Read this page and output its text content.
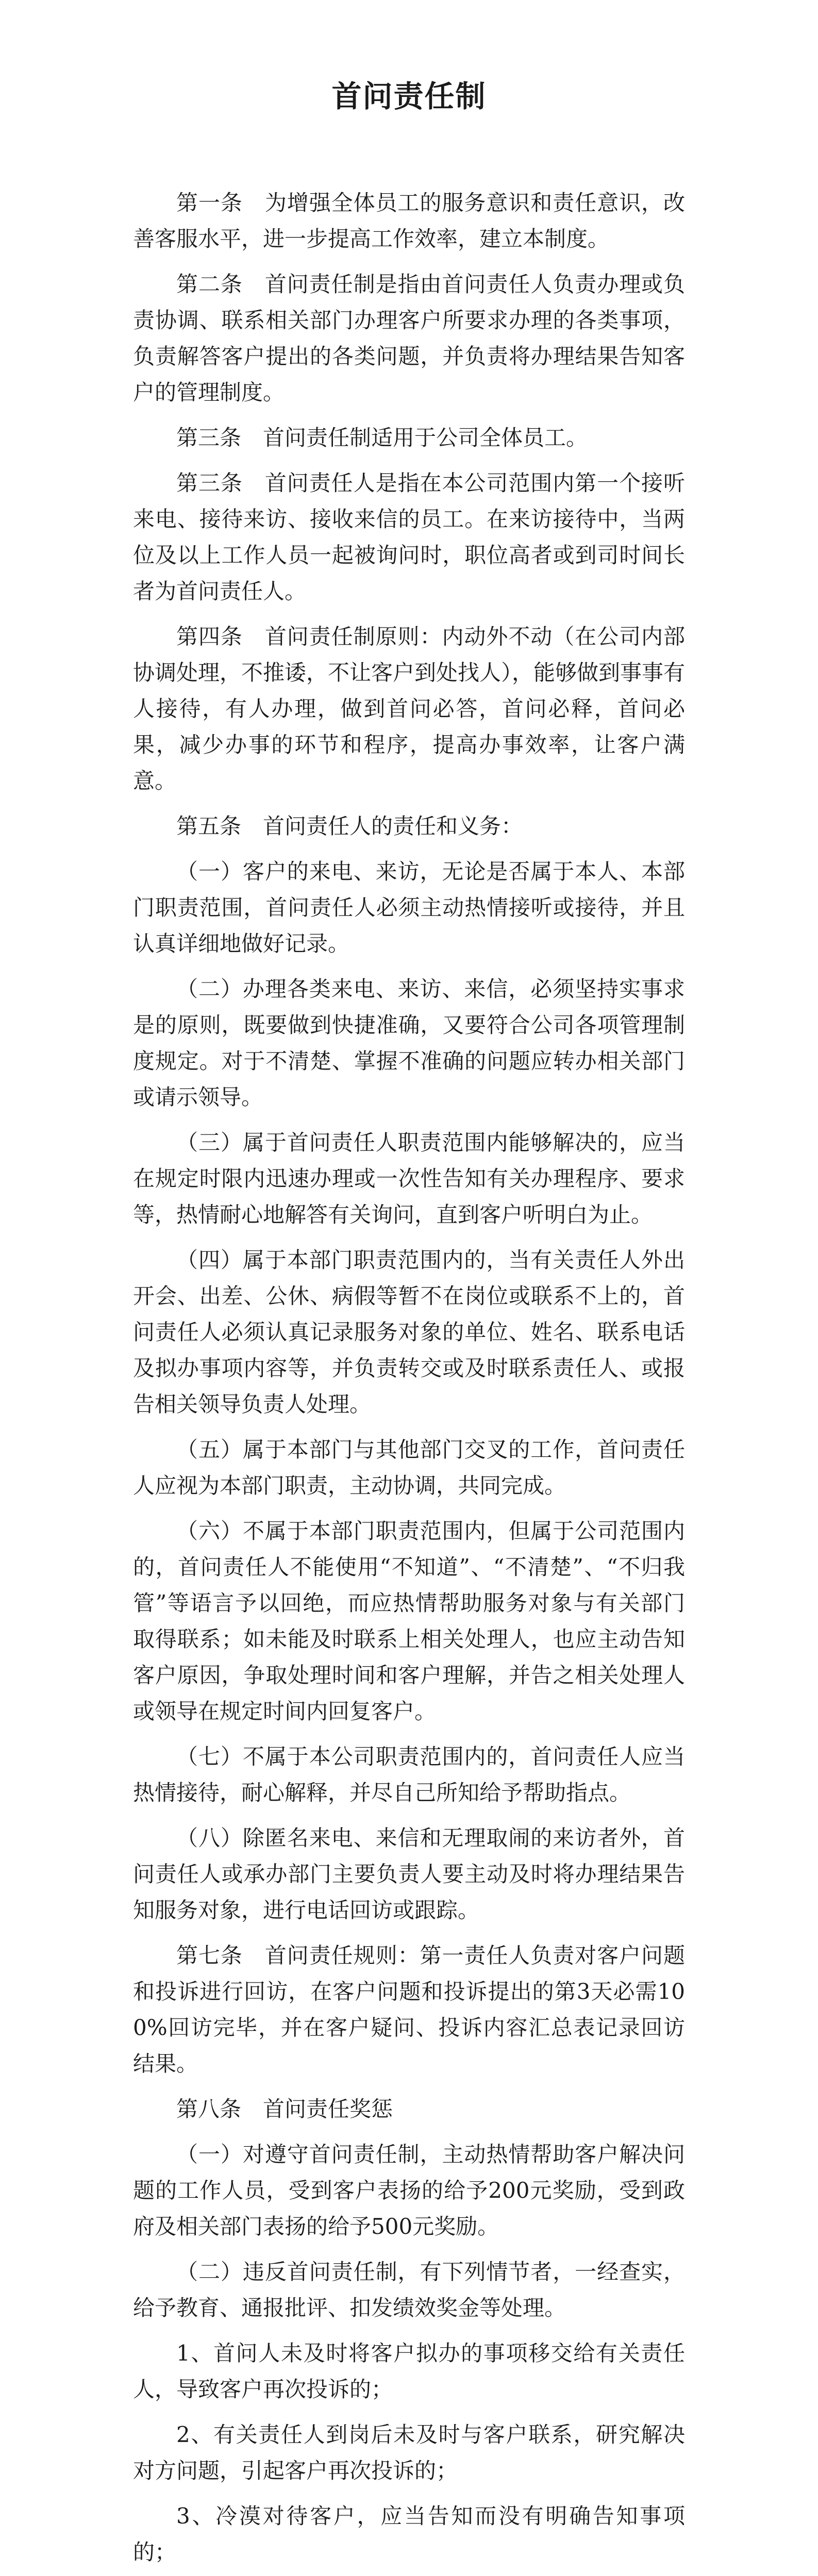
首问责任制

第一条　为增强全体员工的服务意识和责任意识，改善客服水平，进一步提高工作效率，建立本制度。

第二条　首问责任制是指由首问责任人负责办理或负责协调、联系相关部门办理客户所要求办理的各类事项，负责解答客户提出的各类问题，并负责将办理结果告知客户的管理制度。

第三条　首问责任制适用于公司全体员工。

第三条　首问责任人是指在本公司范围内第一个接听来电、接待来访、接收来信的员工。在来访接待中，当两位及以上工作人员一起被询问时，职位高者或到司时间长者为首问责任人。

第四条　首问责任制原则：内动外不动（在公司内部协调处理，不推诿，不让客户到处找人），能够做到事事有人接待，有人办理，做到首问必答，首问必释，首问必果，减少办事的环节和程序，提高办事效率，让客户满意。

第五条　首问责任人的责任和义务：

（一）客户的来电、来访，无论是否属于本人、本部门职责范围，首问责任人必须主动热情接听或接待，并且认真详细地做好记录。

（二）办理各类来电、来访、来信，必须坚持实事求是的原则，既要做到快捷准确，又要符合公司各项管理制度规定。对于不清楚、掌握不准确的问题应转办相关部门或请示领导。

（三）属于首问责任人职责范围内能够解决的，应当在规定时限内迅速办理或一次性告知有关办理程序、要求等，热情耐心地解答有关询问，直到客户听明白为止。

（四）属于本部门职责范围内的，当有关责任人外出开会、出差、公休、病假等暂不在岗位或联系不上的，首问责任人必须认真记录服务对象的单位、姓名、联系电话及拟办事项内容等，并负责转交或及时联系责任人、或报告相关领导负责人处理。

（五）属于本部门与其他部门交叉的工作，首问责任人应视为本部门职责，主动协调，共同完成。

（六）不属于本部门职责范围内，但属于公司范围内的，首问责任人不能使用“不知道”、“不清楚”、“不归我管”等语言予以回绝，而应热情帮助服务对象与有关部门取得联系；如未能及时联系上相关处理人，也应主动告知客户原因，争取处理时间和客户理解，并告之相关处理人或领导在规定时间内回复客户。

（七）不属于本公司职责范围内的，首问责任人应当热情接待，耐心解释，并尽自己所知给予帮助指点。

（八）除匿名来电、来信和无理取闹的来访者外，首问责任人或承办部门主要负责人要主动及时将办理结果告知服务对象，进行电话回访或跟踪。

第七条　首问责任规则：第一责任人负责对客户问题和投诉进行回访，在客户问题和投诉提出的第3天必需100%回访完毕，并在客户疑问、投诉内容汇总表记录回访结果。

第八条　首问责任奖惩

（一）对遵守首问责任制，主动热情帮助客户解决问题的工作人员，受到客户表扬的给予200元奖励，受到政府及相关部门表扬的给予500元奖励。

（二）违反首问责任制，有下列情节者，一经查实，给予教育、通报批评、扣发绩效奖金等处理。

1、首问人未及时将客户拟办的事项移交给有关责任人，导致客户再次投诉的；

2、有关责任人到岗后未及时与客户联系，研究解决对方问题，引起客户再次投诉的；

3、冷漠对待客户，应当告知而没有明确告知事项的；
